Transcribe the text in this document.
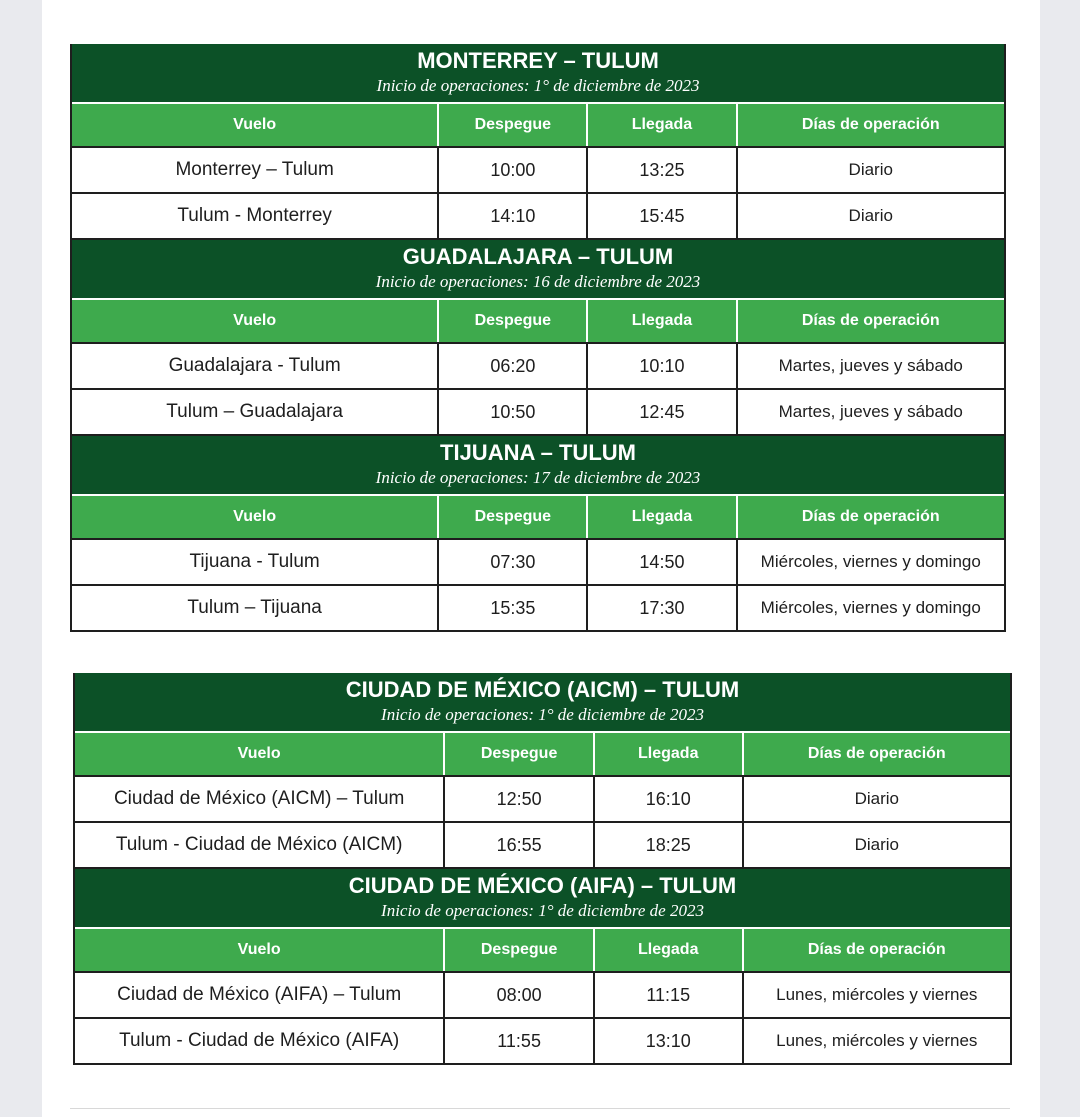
MONTERREY – TULUM
Inicio de operaciones: 1° de diciembre de 2023
Vuelo	Despegue	Llegada	Días de operación
Monterrey – Tulum	10:00	13:25	Diario
Tulum - Monterrey	14:10	15:45	Diario
GUADALAJARA – TULUM
Inicio de operaciones: 16 de diciembre de 2023
Vuelo	Despegue	Llegada	Días de operación
Guadalajara - Tulum	06:20	10:10	Martes, jueves y sábado
Tulum – Guadalajara	10:50	12:45	Martes, jueves y sábado
TIJUANA – TULUM
Inicio de operaciones: 17 de diciembre de 2023
Vuelo	Despegue	Llegada	Días de operación
Tijuana - Tulum	07:30	14:50	Miércoles, viernes y domingo
Tulum – Tijuana	15:35	17:30	Miércoles, viernes y domingo
CIUDAD DE MÉXICO (AICM) – TULUM
Inicio de operaciones: 1° de diciembre de 2023
Vuelo	Despegue	Llegada	Días de operación
Ciudad de México (AICM) – Tulum	12:50	16:10	Diario
Tulum - Ciudad de México (AICM)	16:55	18:25	Diario
CIUDAD DE MÉXICO (AIFA) – TULUM
Inicio de operaciones: 1° de diciembre de 2023
Vuelo	Despegue	Llegada	Días de operación
Ciudad de México (AIFA) – Tulum	08:00	11:15	Lunes, miércoles y viernes
Tulum - Ciudad de México (AIFA)	11:55	13:10	Lunes, miércoles y viernes
